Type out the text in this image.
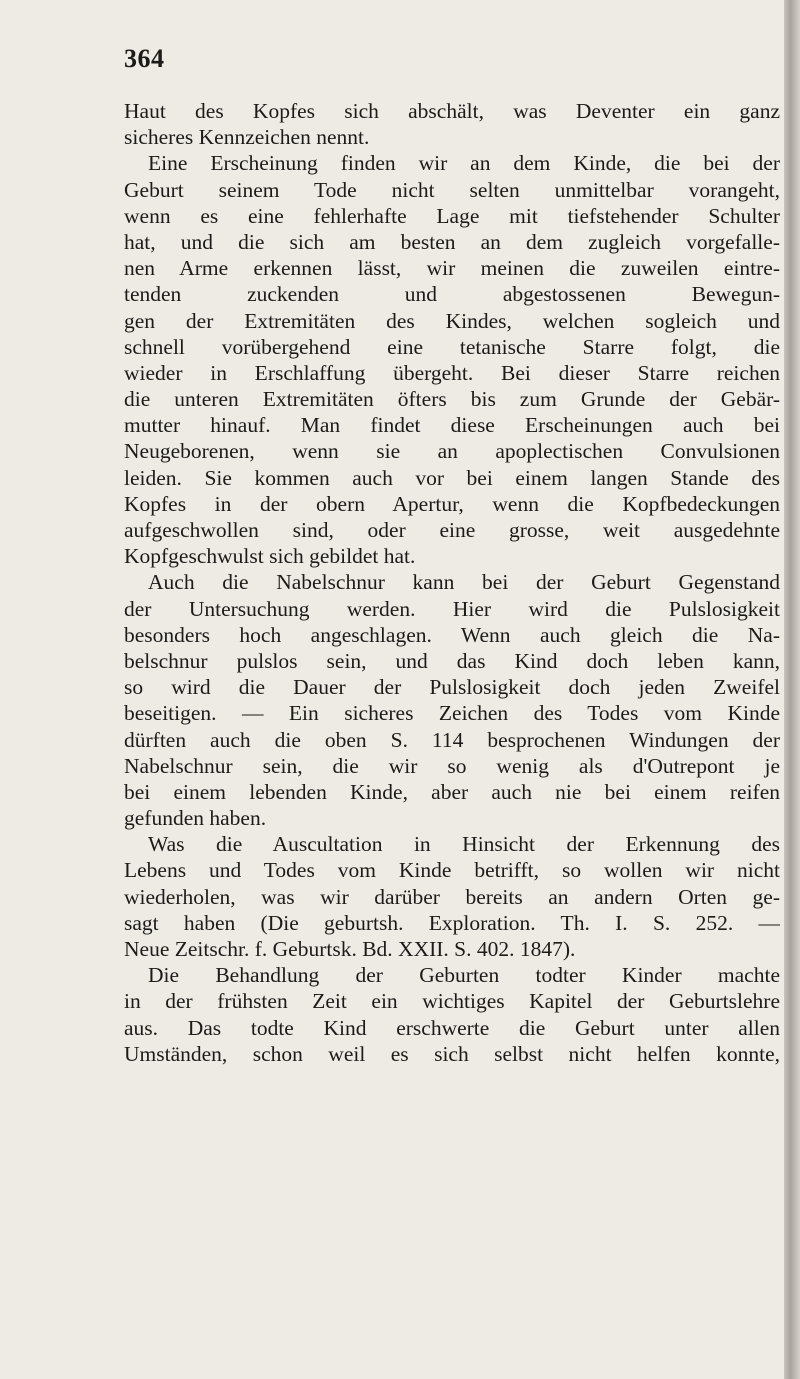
364

Haut des Kopfes sich abschält, was Deventer ein ganz
sicheres Kennzeichen nennt.
Eine Erscheinung finden wir an dem Kinde, die bei der
Geburt seinem Tode nicht selten unmittelbar vorangeht,
wenn es eine fehlerhafte Lage mit tiefstehender Schulter
hat, und die sich am besten an dem zugleich vorgefalle-
nen Arme erkennen lässt, wir meinen die zuweilen eintre-
tenden zuckenden und abgestossenen Bewegun-
gen der Extremitäten des Kindes, welchen sogleich und
schnell vorübergehend eine tetanische Starre folgt, die
wieder in Erschlaffung übergeht. Bei dieser Starre reichen
die unteren Extremitäten öfters bis zum Grunde der Gebär-
mutter hinauf. Man findet diese Erscheinungen auch bei
Neugeborenen, wenn sie an apoplectischen Convulsionen
leiden. Sie kommen auch vor bei einem langen Stande des
Kopfes in der obern Apertur, wenn die Kopfbedeckungen
aufgeschwollen sind, oder eine grosse, weit ausgedehnte
Kopfgeschwulst sich gebildet hat.
Auch die Nabelschnur kann bei der Geburt Gegenstand
der Untersuchung werden. Hier wird die Pulslosigkeit
besonders hoch angeschlagen. Wenn auch gleich die Na-
belschnur pulslos sein, und das Kind doch leben kann,
so wird die Dauer der Pulslosigkeit doch jeden Zweifel
beseitigen. — Ein sicheres Zeichen des Todes vom Kinde
dürften auch die oben S. 114 besprochenen Windungen der
Nabelschnur sein, die wir so wenig als d'Outrepont je
bei einem lebenden Kinde, aber auch nie bei einem reifen
gefunden haben.
Was die Auscultation in Hinsicht der Erkennung des
Lebens und Todes vom Kinde betrifft, so wollen wir nicht
wiederholen, was wir darüber bereits an andern Orten ge-
sagt haben (Die geburtsh. Exploration. Th. I. S. 252. —
Neue Zeitschr. f. Geburtsk. Bd. XXII. S. 402. 1847).
Die Behandlung der Geburten todter Kinder machte
in der frühsten Zeit ein wichtiges Kapitel der Geburtslehre
aus. Das todte Kind erschwerte die Geburt unter allen
Umständen, schon weil es sich selbst nicht helfen konnte,
